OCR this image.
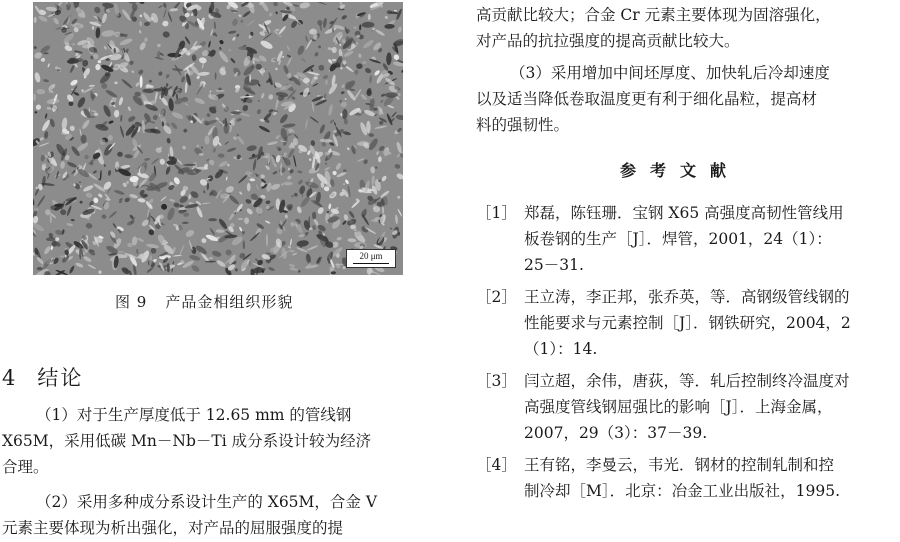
20 μm
图 9 产品金相组织形貌
4 结论
（1）对于生产厚度低于 12.65 mm 的管线钢
X65M，采用低碳 Mn－Nb－Ti 成分系设计较为经济
合理。
（2）采用多种成分系设计生产的 X65M，合金 V
元素主要体现为析出强化，对产品的屈服强度的提
高贡献比较大；合金 Cr 元素主要体现为固溶强化，
对产品的抗拉强度的提高贡献比较大。
（3）采用增加中间坯厚度、加快轧后冷却速度
以及适当降低卷取温度更有利于细化晶粒，提高材
料的强韧性。
参考文献
［1］ 郑磊，陈钰珊．宝钢 X65 高强度高韧性管线用
板卷钢的生产［J］．焊管，2001，24（1）：
25－31.
［2］ 王立涛，李正邦，张乔英，等．高钢级管线钢的
性能要求与元素控制［J］．钢铁研究，2004，2
（1）：14.
［3］ 闫立超，余伟，唐荻，等．轧后控制终冷温度对
高强度管线钢屈强比的影响［J］．上海金属，
2007，29（3）：37－39.
［4］ 王有铭，李曼云，韦光．钢材的控制轧制和控
制冷却［M］．北京：冶金工业出版社，1995.
